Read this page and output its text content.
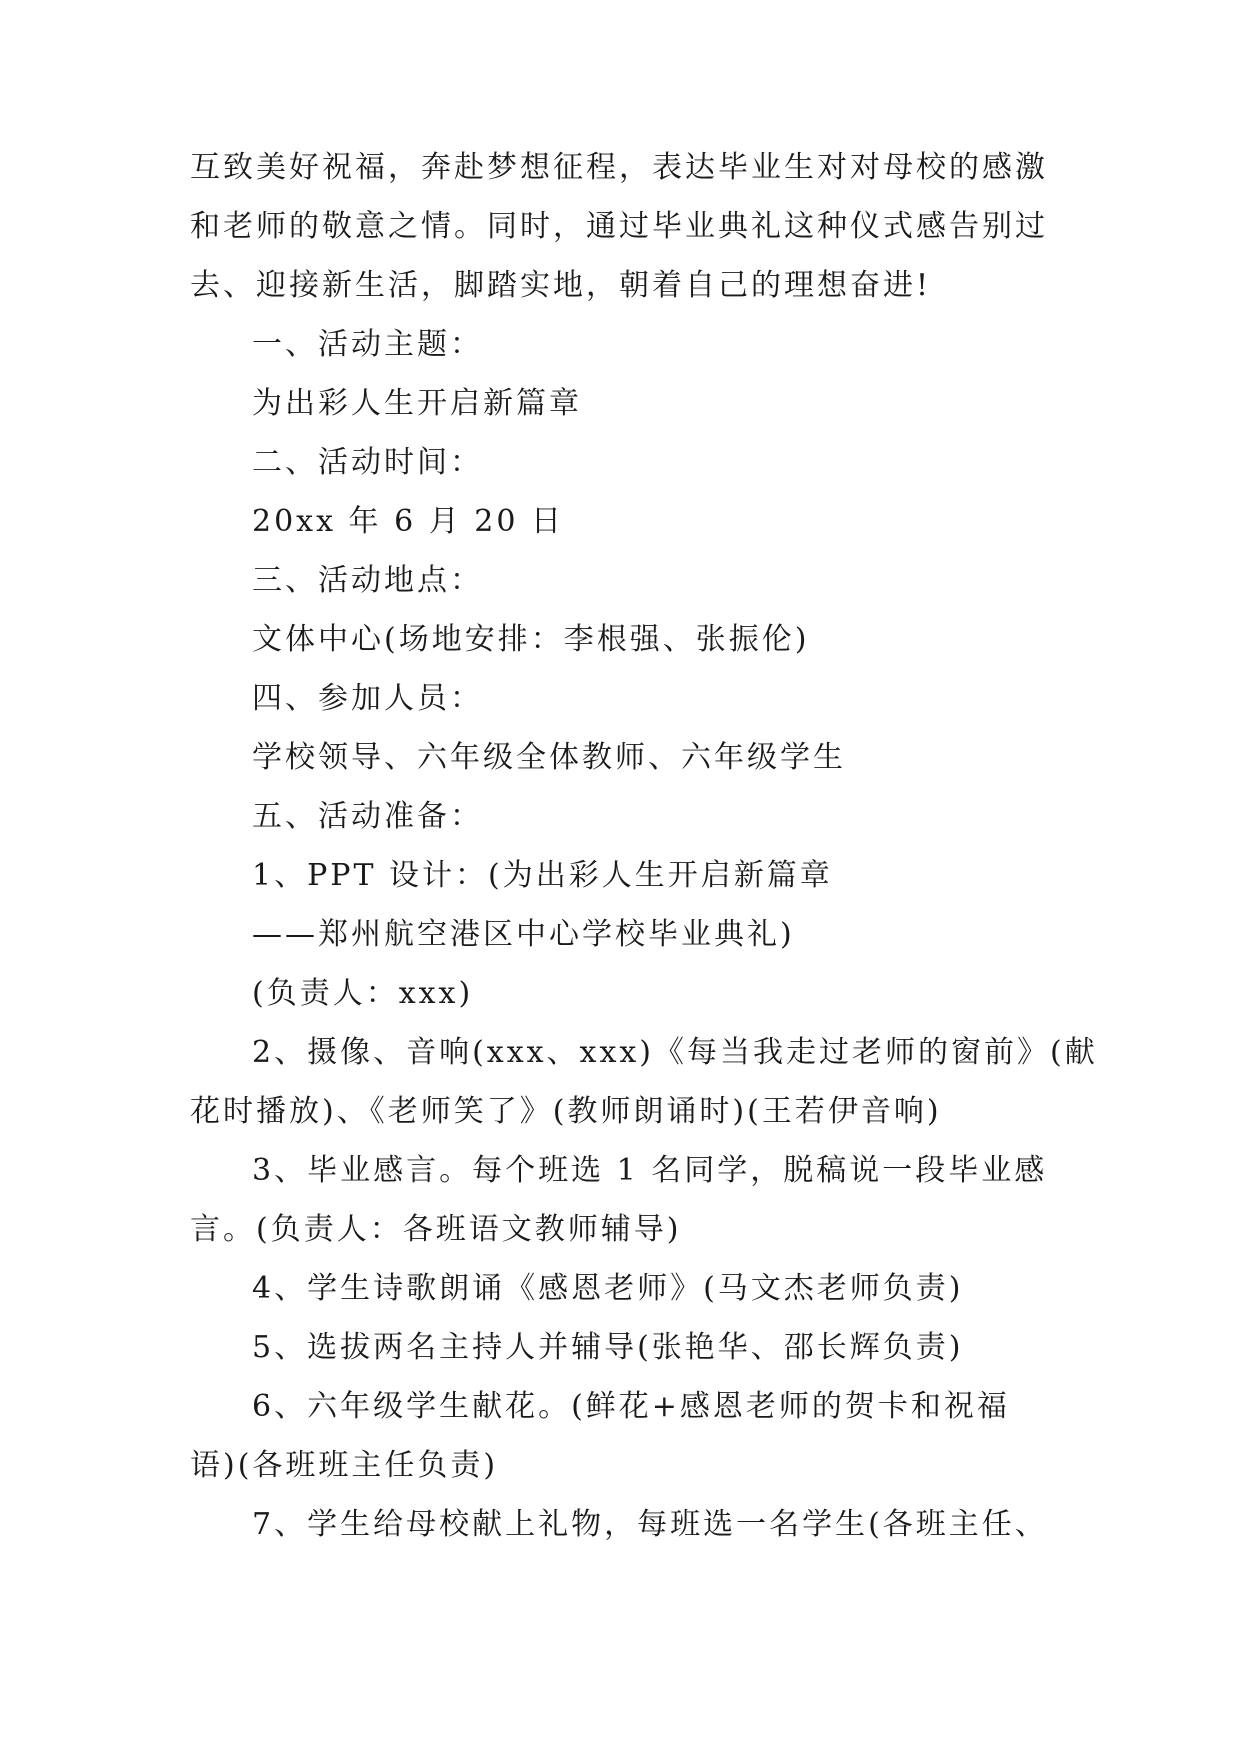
互致美好祝福，奔赴梦想征程，表达毕业生对对母校的感激
和老师的敬意之情。同时，通过毕业典礼这种仪式感告别过
去、迎接新生活，脚踏实地，朝着自己的理想奋进!
一、活动主题：
为出彩人生开启新篇章
二、活动时间：
20xx 年 6 月 20 日
三、活动地点：
文体中心(场地安排：李根强、张振伦)
四、参加人员：
学校领导、六年级全体教师、六年级学生
五、活动准备：
1、PPT 设计：(为出彩人生开启新篇章
——郑州航空港区中心学校毕业典礼)
(负责人：xxx)
2、摄像、音响(xxx、xxx)《每当我走过老师的窗前》(献
花时播放)、《老师笑了》(教师朗诵时)(王若伊音响)
3、毕业感言。每个班选 1 名同学，脱稿说一段毕业感
言。(负责人：各班语文教师辅导)
4、学生诗歌朗诵《感恩老师》(马文杰老师负责)
5、选拔两名主持人并辅导(张艳华、邵长辉负责)
6、六年级学生献花。(鲜花+感恩老师的贺卡和祝福
语)(各班班主任负责)
7、学生给母校献上礼物，每班选一名学生(各班主任、
